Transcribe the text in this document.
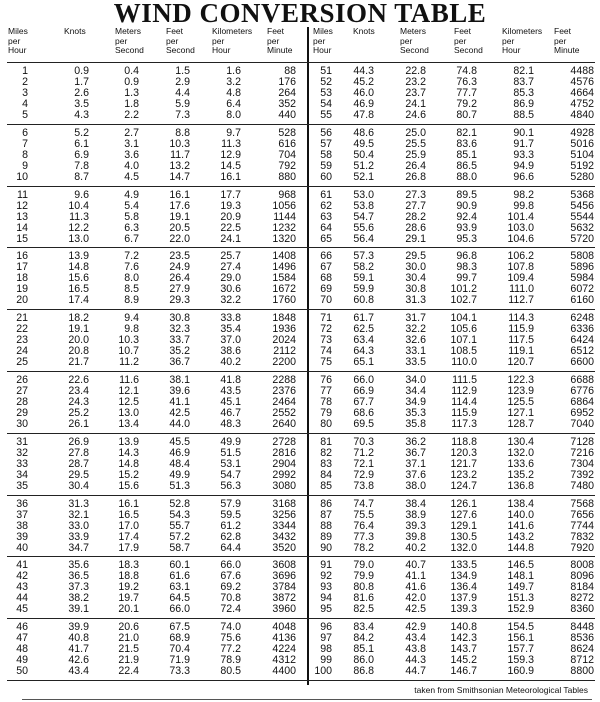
WIND CONVERSION TABLE
Miles
per
Hour
Knots	Meters
per
Second
Feet
per
Second
Kilometers
per
Hour
Feet
per
Minute
Miles
per
Hour
Knots	Meters
per
Second
Feet
per
Second
Kilometers
per
Hour
Feet
per
Minute
1	0.9	0.4	1.5	1.6	88
2	1.7	0.9	2.9	3.2	176
3	2.6	1.3	4.4	4.8	264
4	3.5	1.8	5.9	6.4	352
5	4.3	2.2	7.3	8.0	440
6	5.2	2.7	8.8	9.7	528
7	6.1	3.1	10.3	11.3	616
8	6.9	3.6	11.7	12.9	704
9	7.8	4.0	13.2	14.5	792
10	8.7	4.5	14.7	16.1	880
11	9.6	4.9	16.1	17.7	968
12	10.4	5.4	17.6	19.3	1056
13	11.3	5.8	19.1	20.9	1144
14	12.2	6.3	20.5	22.5	1232
15	13.0	6.7	22.0	24.1	1320
16	13.9	7.2	23.5	25.7	1408
17	14.8	7.6	24.9	27.4	1496
18	15.6	8.0	26.4	29.0	1584
19	16.5	8.5	27.9	30.6	1672
20	17.4	8.9	29.3	32.2	1760
21	18.2	9.4	30.8	33.8	1848
22	19.1	9.8	32.3	35.4	1936
23	20.0	10.3	33.7	37.0	2024
24	20.8	10.7	35.2	38.6	2112
25	21.7	11.2	36.7	40.2	2200
26	22.6	11.6	38.1	41.8	2288
27	23.4	12.1	39.6	43.5	2376
28	24.3	12.5	41.1	45.1	2464
29	25.2	13.0	42.5	46.7	2552
30	26.1	13.4	44.0	48.3	2640
31	26.9	13.9	45.5	49.9	2728
32	27.8	14.3	46.9	51.5	2816
33	28.7	14.8	48.4	53.1	2904
34	29.5	15.2	49.9	54.7	2992
35	30.4	15.6	51.3	56.3	3080
36	31.3	16.1	52.8	57.9	3168
37	32.1	16.5	54.3	59.5	3256
38	33.0	17.0	55.7	61.2	3344
39	33.9	17.4	57.2	62.8	3432
40	34.7	17.9	58.7	64.4	3520
41	35.6	18.3	60.1	66.0	3608
42	36.5	18.8	61.6	67.6	3696
43	37.3	19.2	63.1	69.2	3784
44	38.2	19.7	64.5	70.8	3872
45	39.1	20.1	66.0	72.4	3960
46	39.9	20.6	67.5	74.0	4048
47	40.8	21.0	68.9	75.6	4136
48	41.7	21.5	70.4	77.2	4224
49	42.6	21.9	71.9	78.9	4312
50	43.4	22.4	73.3	80.5	4400
51 44.3	22.8	74.8	82.1	4488
52 45.2	23.2	76.3	83.7	4576
53 46.0	23.7	77.7	85.3	4664
54 46.9	24.1	79.2	86.9	4752
55 47.8	24.6	80.7	88.5	4840
56 48.6	25.0	82.1	90.1	4928
57 49.5	25.5	83.6	91.7	5016
58 50.4	25.9	85.1	93.3	5104
59 51.2	26.4	86.5	94.9	5192
60 52.1	26.8	88.0	96.6	5280
61 53.0	27.3	89.5	98.2	5368
62 53.8	27.7	90.9	99.8	5456
63 54.7	28.2	92.4	101.4	5544
64 55.6	28.6	93.9	103.0	5632
65 56.4	29.1	95.3	104.6	5720
66 57.3	29.5	96.8	106.2	5808
67 58.2	30.0	98.3	107.8	5896
68 59.1	30.4	99.7	109.4	5984
69 59.9	30.8 101.2	111.0	6072
70 60.8	31.3 102.7	112.7	6160
71 61.7	31.7 104.1	114.3	6248
72 62.5	32.2 105.6	115.9	6336
73 63.4	32.6 107.1	117.5	6424
74 64.3	33.1 108.5	119.1	6512
75 65.1	33.5 110.0	120.7	6600
76 66.0	34.0 111.5	122.3	6688
77 66.9	34.4 112.9	123.9	6776
78 67.7	34.9 114.4	125.5	6864
79 68.6	35.3 115.9	127.1	6952
80 69.5	35.8 117.3	128.7	7040
81 70.3	36.2 118.8	130.4	7128
82 71.2	36.7 120.3	132.0	7216
83 72.1	37.1 121.7	133.6	7304
84 72.9	37.6 123.2	135.2	7392
85 73.8	38.0 124.7	136.8	7480
86 74.7	38.4 126.1	138.4	7568
87 75.5	38.9 127.6	140.0	7656
88 76.4	39.3 129.1	141.6	7744
89 77.3	39.8 130.5	143.2	7832
90 78.2	40.2 132.0	144.8	7920
91 79.0	40.7 133.5	146.5	8008
92 79.9	41.1 134.9	148.1	8096
93 80.8	41.6 136.4	149.7	8184
94 81.6	42.0 137.9	151.3	8272
95 82.5	42.5 139.3	152.9	8360
96 83.4	42.9 140.8	154.5	8448
97 84.2	43.4 142.3	156.1	8536
98 85.1	43.8 143.7	157.7	8624
99 86.0	44.3 145.2	159.3	8712
100 86.8	44.7 146.7	160.9	8800
taken from Smithsonian Meteorological Tables
